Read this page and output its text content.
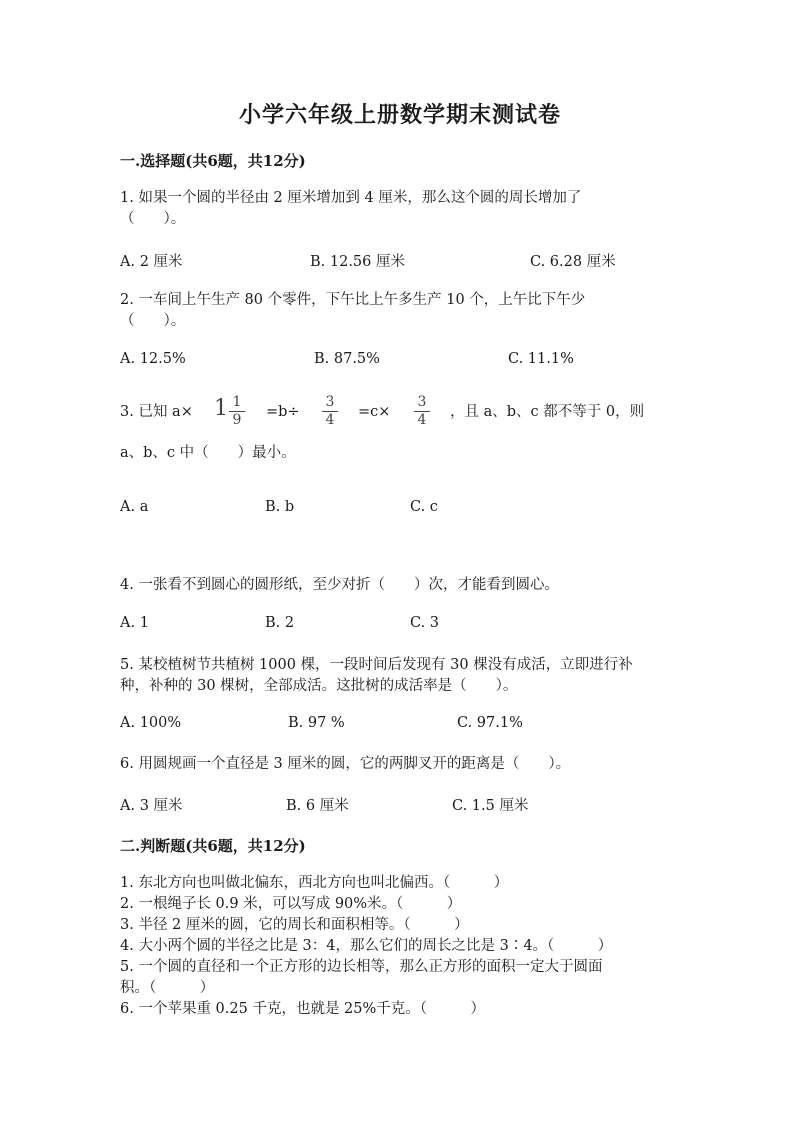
小学六年级上册数学期末测试卷
一.选择题(共6题，共12分)
1. 如果一个圆的半径由 2 厘米增加到 4 厘米，那么这个圆的周长增加了
（　　）。
A. 2 厘米	B. 12.56 厘米	C. 6.28 厘米
2. 一车间上午生产 80 个零件，下午比上午多生产 10 个，上午比下午少
（　　）。
A. 12.5%	B. 87.5%	C. 11.1%
3. 已知 a× 1 1
9	=b÷
3
4	=c×
3
4	，且 a、b、c 都不等于 0，则
a、b、c 中（　　）最小。
A. a	B. b	C. c
4. 一张看不到圆心的圆形纸，至少对折（　　）次，才能看到圆心。
A. 1	B. 2	C. 3
5. 某校植树节共植树 1000 棵，一段时间后发现有 30 棵没有成活，立即进行补
种，补种的 30 棵树，全部成活。这批树的成活率是（　　）。
A. 100%	B. 97 %	C. 97.1%
6. 用圆规画一个直径是 3 厘米的圆，它的两脚叉开的距离是（　　）。
A. 3 厘米	B. 6 厘米	C. 1.5 厘米
二.判断题(共6题，共12分)
1. 东北方向也叫做北偏东，西北方向也叫北偏西。（　　　）
2. 一根绳子长 0.9 米，可以写成 90%米。（　　　）
3. 半径 2 厘米的圆，它的周长和面积相等。（　　　）
4. 大小两个圆的半径之比是 3：4，那么它们的周长之比是 3∶4。（　　　）
5. 一个圆的直径和一个正方形的边长相等，那么正方形的面积一定大于圆面
积。（　　　）
6. 一个苹果重 0.25 千克，也就是 25%千克。（　　　）
